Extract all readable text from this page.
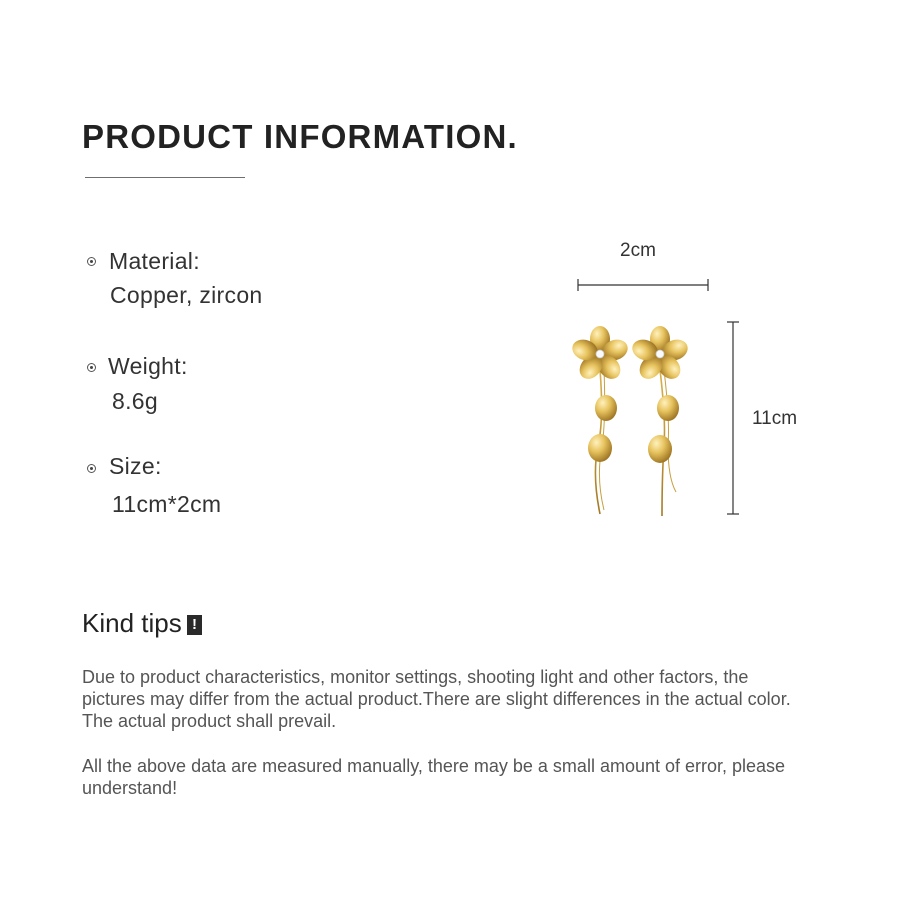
PRODUCT INFORMATION.
Material:
Copper, zircon
Weight:
8.6g
Size:
11cm*2cm
2cm
11cm
Kind tips !
Due to product characteristics, monitor settings, shooting light and other factors, the pictures may differ from the actual product.There are slight differences in the actual color. The actual product shall prevail.
All the above data are measured manually, there may be a small amount of error, please understand!
